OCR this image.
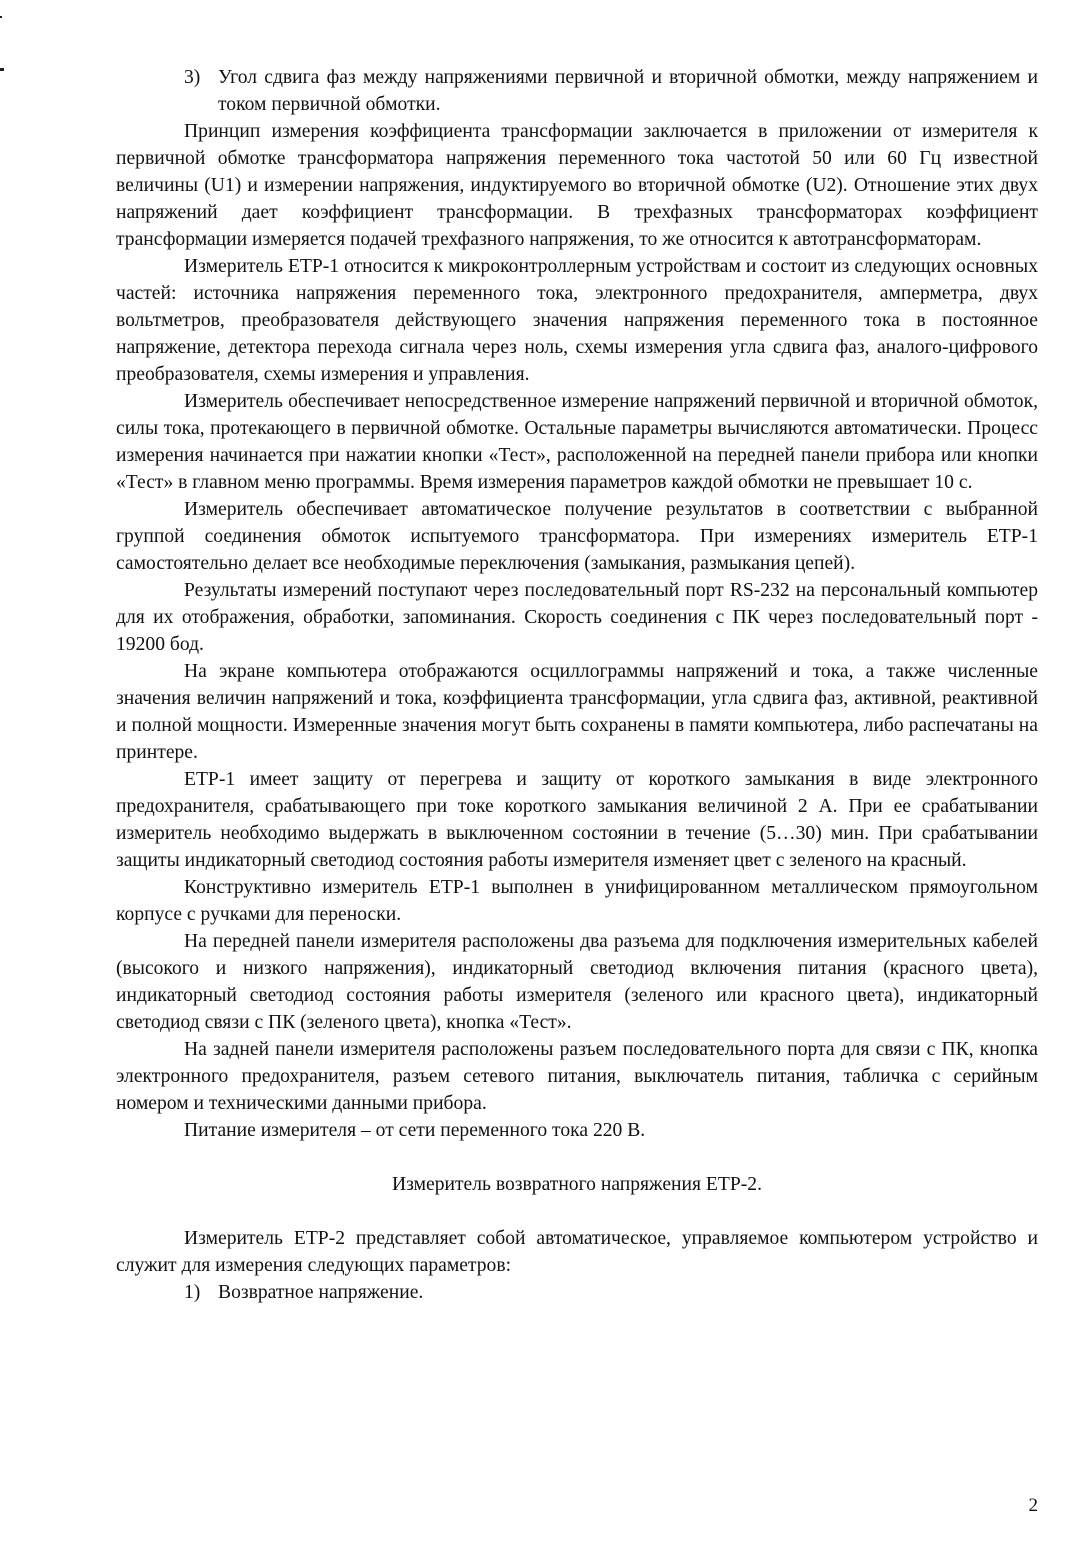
3) Угол сдвига фаз между напряжениями первичной и вторичной обмотки, между напряжением и током первичной обмотки.

Принцип измерения коэффициента трансформации заключается в приложении от измерителя к первичной обмотке трансформатора напряжения переменного тока частотой 50 или 60 Гц известной величины (U1) и измерении напряжения, индуктируемого во вторичной обмотке (U2). Отношение этих двух напряжений дает коэффициент трансформации. В трехфазных трансформаторах коэффициент трансформации измеряется подачей трехфазного напряжения, то же относится к автотрансформаторам.

Измеритель ЕТР-1 относится к микроконтроллерным устройствам и состоит из следующих основных частей: источника напряжения переменного тока, электронного предохранителя, амперметра, двух вольтметров, преобразователя действующего значения напряжения переменного тока в постоянное напряжение, детектора перехода сигнала через ноль, схемы измерения угла сдвига фаз, аналого-цифрового преобразователя, схемы измерения и управления.

Измеритель обеспечивает непосредственное измерение напряжений первичной и вторичной обмоток, силы тока, протекающего в первичной обмотке. Остальные параметры вычисляются автоматически. Процесс измерения начинается при нажатии кнопки «Тест», расположенной на передней панели прибора или кнопки «Тест» в главном меню программы. Время измерения параметров каждой обмотки не превышает 10 с.

Измеритель обеспечивает автоматическое получение результатов в соответствии с выбранной группой соединения обмоток испытуемого трансформатора. При измерениях измеритель ЕТР-1 самостоятельно делает все необходимые переключения (замыкания, размыкания цепей).

Результаты измерений поступают через последовательный порт RS-232 на персональный компьютер для их отображения, обработки, запоминания. Скорость соединения с ПК через последовательный порт - 19200 бод.

На экране компьютера отображаются осциллограммы напряжений и тока, а также численные значения величин напряжений и тока, коэффициента трансформации, угла сдвига фаз, активной, реактивной и полной мощности. Измеренные значения могут быть сохранены в памяти компьютера, либо распечатаны на принтере.

ЕТР-1 имеет защиту от перегрева и защиту от короткого замыкания в виде электронного предохранителя, срабатывающего при токе короткого замыкания величиной 2 А. При ее срабатывании измеритель необходимо выдержать в выключенном состоянии в течение (5…30) мин. При срабатывании защиты индикаторный светодиод состояния работы измерителя изменяет цвет с зеленого на красный.

Конструктивно измеритель ЕТР-1 выполнен в унифицированном металлическом прямоугольном корпусе с ручками для переноски.

На передней панели измерителя расположены два разъема для подключения измерительных кабелей (высокого и низкого напряжения), индикаторный светодиод включения питания (красного цвета), индикаторный светодиод состояния работы измерителя (зеленого или красного цвета), индикаторный светодиод связи с ПК (зеленого цвета), кнопка «Тест».

На задней панели измерителя расположены разъем последовательного порта для связи с ПК, кнопка электронного предохранителя, разъем сетевого питания, выключатель питания, табличка с серийным номером и техническими данными прибора.

Питание измерителя – от сети переменного тока 220 В.

Измеритель возвратного напряжения ЕТР-2.

Измеритель ЕТР-2 представляет собой автоматическое, управляемое компьютером устройство и служит для измерения следующих параметров:

1) Возвратное напряжение.

2
